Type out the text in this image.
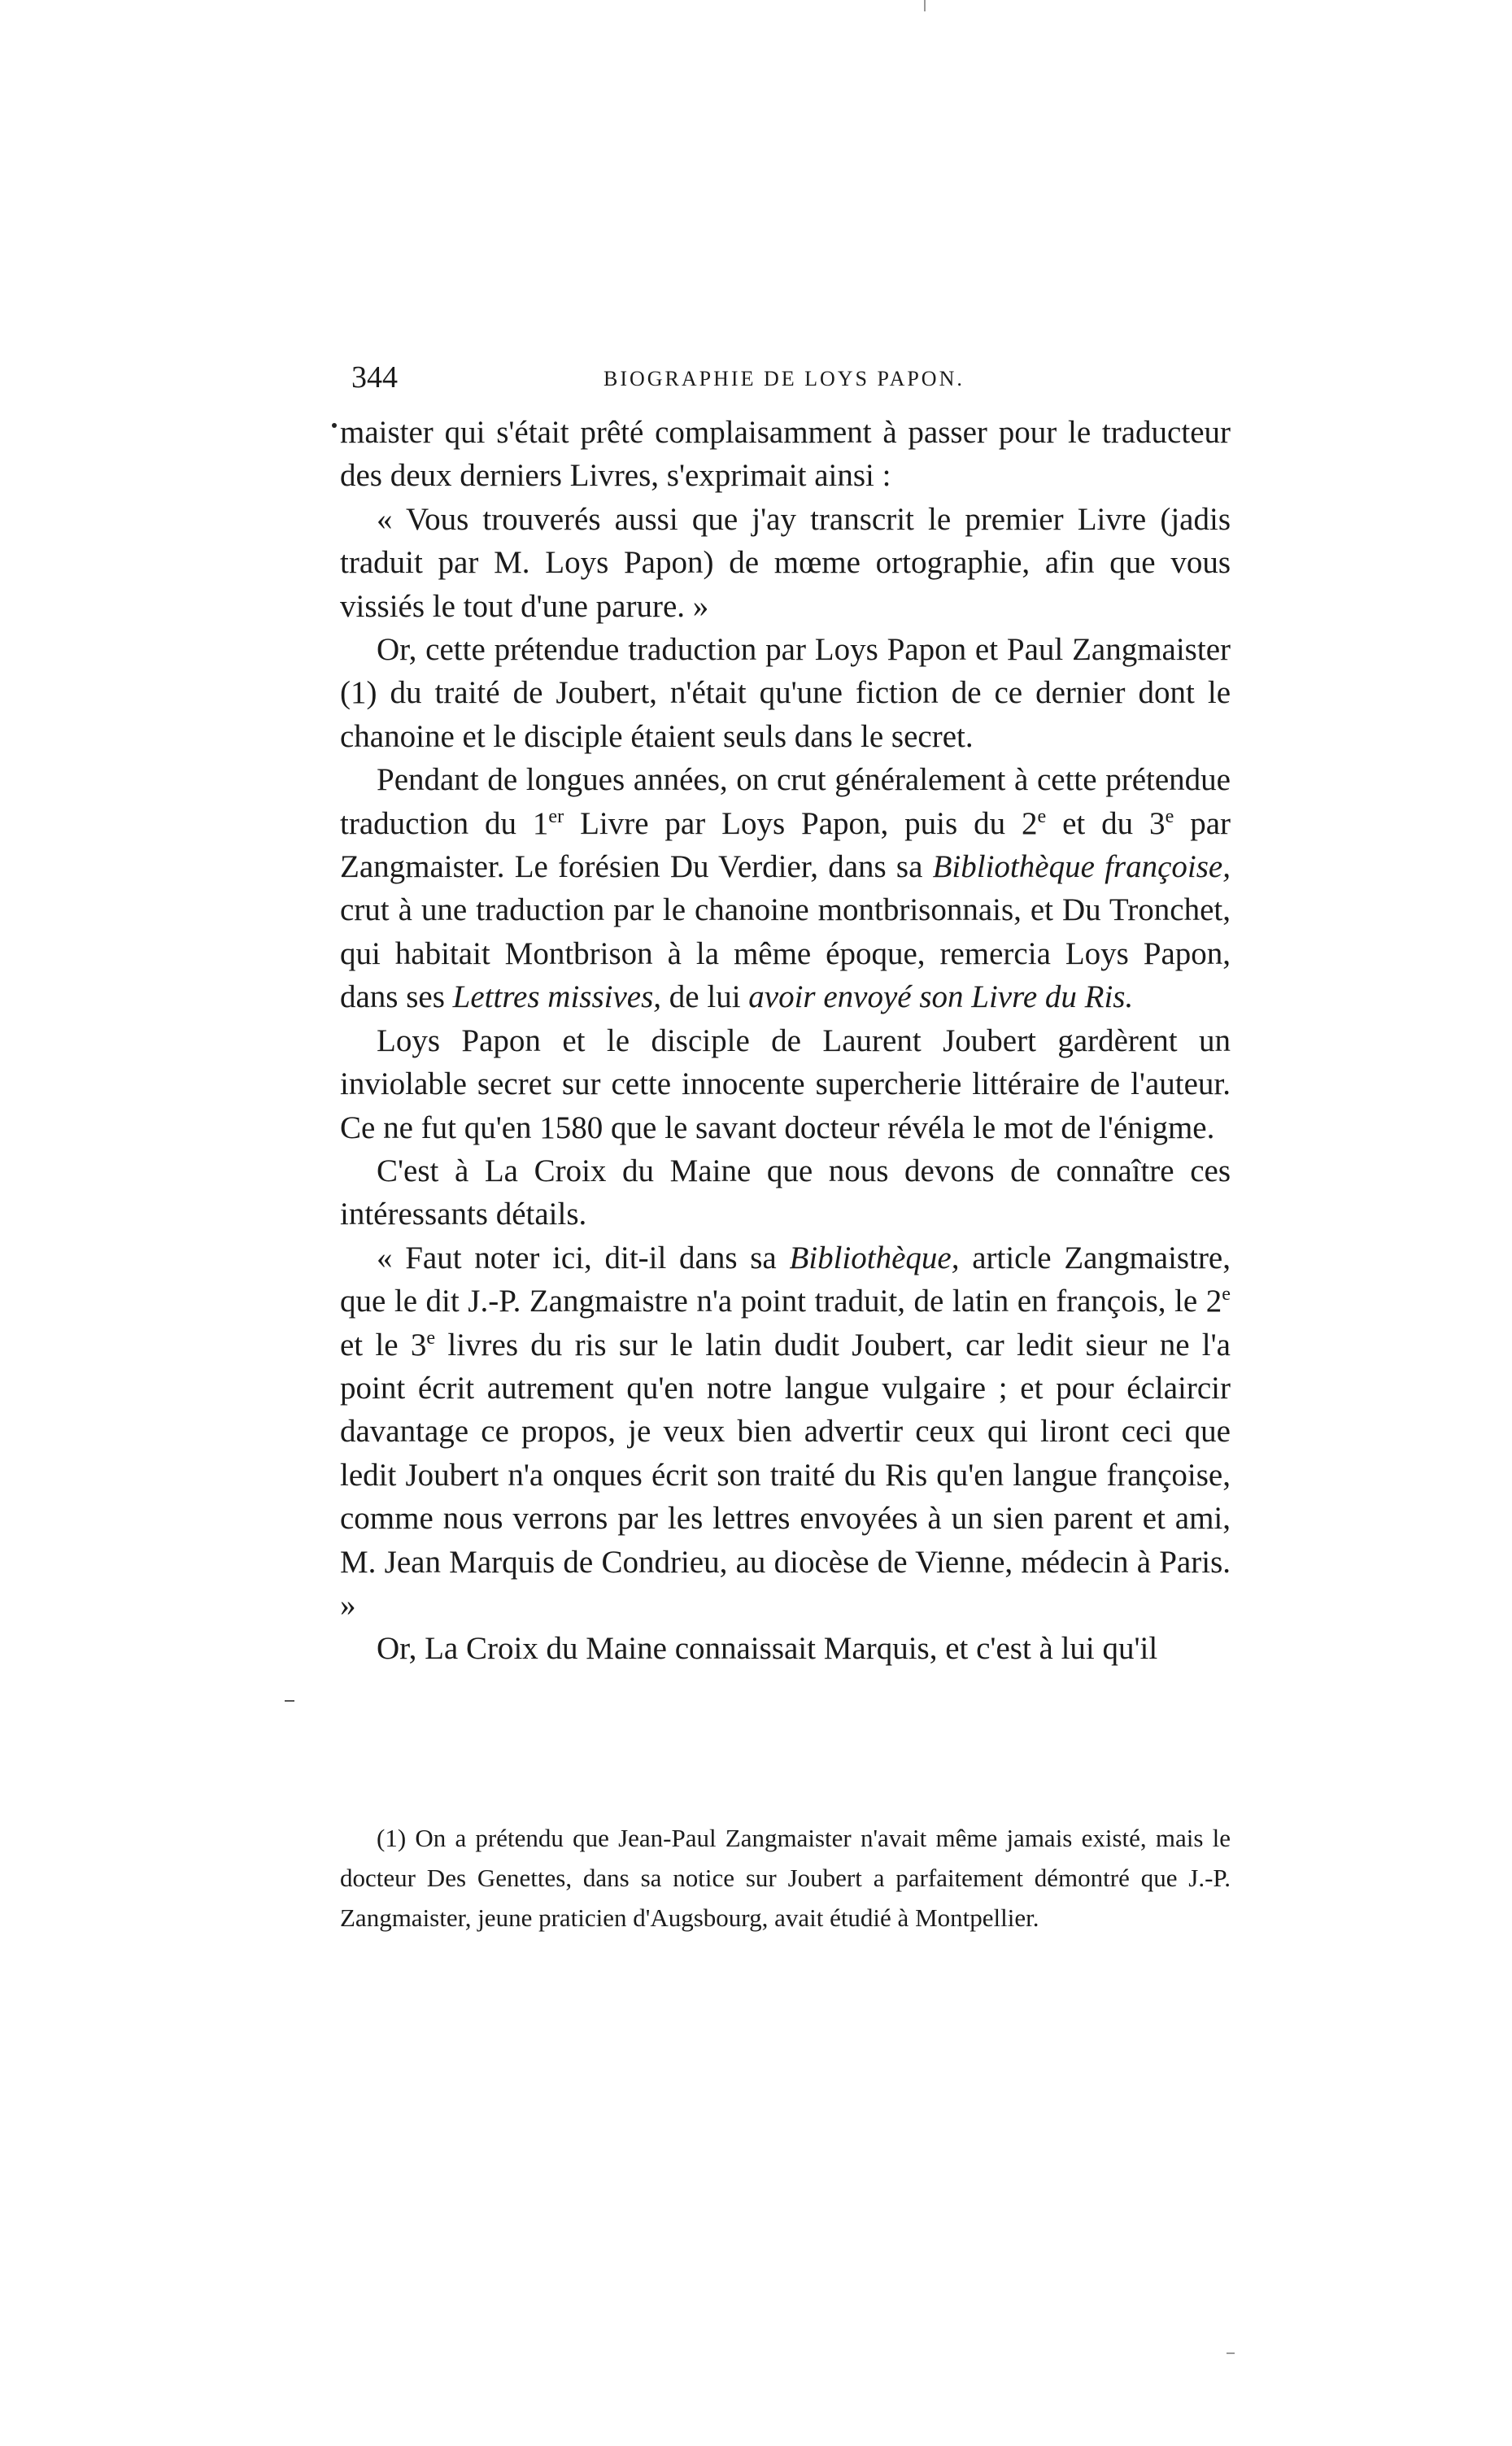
344	BIOGRAPHIE DE LOYS PAPON.

maister qui s'était prêté complaisamment à passer pour le traducteur des deux derniers Livres, s'exprimait ainsi :

« Vous trouverés aussi que j'ay transcrit le premier Livre (jadis traduit par M. Loys Papon) de mœme ortographie, afin que vous vissiés le tout d'une parure. »

Or, cette prétendue traduction par Loys Papon et Paul Zangmaister (1) du traité de Joubert, n'était qu'une fiction de ce dernier dont le chanoine et le disciple étaient seuls dans le secret.

Pendant de longues années, on crut généralement à cette prétendue traduction du 1er Livre par Loys Papon, puis du 2e et du 3e par Zangmaister. Le forésien Du Verdier, dans sa Bibliothèque françoise, crut à une traduction par le chanoine montbrisonnais, et Du Tronchet, qui habitait Montbrison à la même époque, remercia Loys Papon, dans ses Lettres missives, de lui avoir envoyé son Livre du Ris.

Loys Papon et le disciple de Laurent Joubert gardèrent un inviolable secret sur cette innocente supercherie littéraire de l'auteur. Ce ne fut qu'en 1580 que le savant docteur révéla le mot de l'énigme.

C'est à La Croix du Maine que nous devons de connaître ces intéressants détails.

« Faut noter ici, dit-il dans sa Bibliothèque, article Zangmaistre, que le dit J.-P. Zangmaistre n'a point traduit, de latin en françois, le 2e et le 3e livres du ris sur le latin dudit Joubert, car ledit sieur ne l'a point écrit autrement qu'en notre langue vulgaire ; et pour éclaircir davantage ce propos, je veux bien advertir ceux qui liront ceci que ledit Joubert n'a onques écrit son traité du Ris qu'en langue françoise, comme nous verrons par les lettres envoyées à un sien parent et ami, M. Jean Marquis de Condrieu, au diocèse de Vienne, médecin à Paris. »

Or, La Croix du Maine connaissait Marquis, et c'est à lui qu'il

(1) On a prétendu que Jean-Paul Zangmaister n'avait même jamais existé, mais le docteur Des Genettes, dans sa notice sur Joubert a parfaitement démontré que J.-P. Zangmaister, jeune praticien d'Augsbourg, avait étudié à Montpellier.
